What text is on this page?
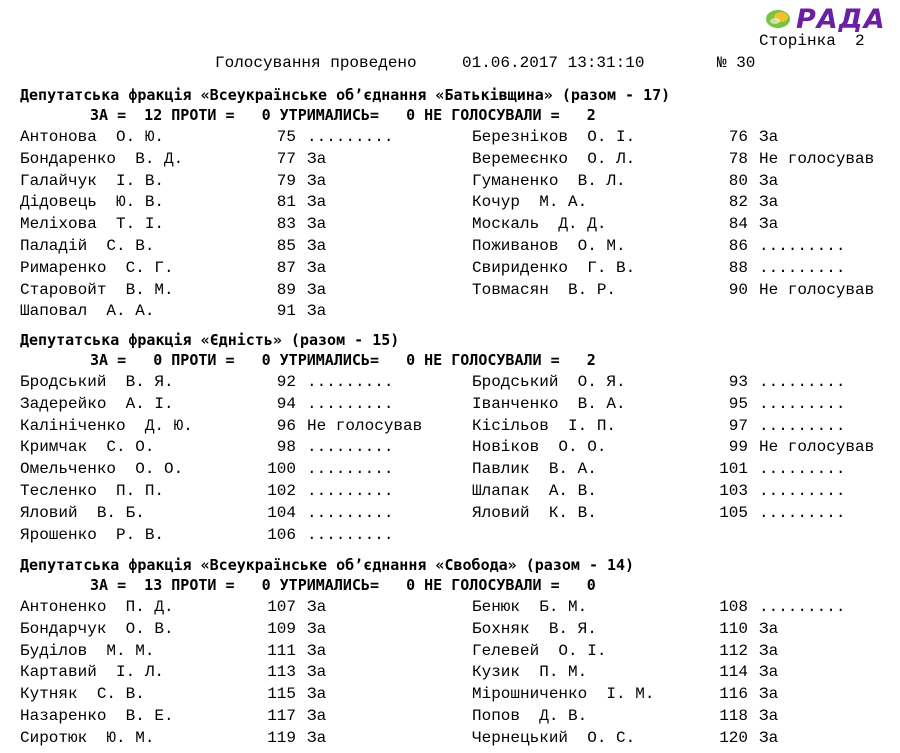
РАДА
Сторінка  2
Голосування проведено	01.06.2017 13:31:10	№ 30
Депутатська фракція «Всеукраїнське об’єднання «Батьківщина» (разом - 17)
ЗА =  12 ПРОТИ =   0 УТРИМАЛИСЬ=   0 НЕ ГОЛОСУВАЛИ =   2
Антонова  О. Ю.	75 .........	Березніков  О. І.	76 За
Бондаренко  В. Д.	77 За	Веремеєнко  О. Л.	78 Не голосував
Галайчук  І. В.	79 За	Гуманенко  В. Л.	80 За
Дідовець  Ю. В.	81 За	Кочур  М. А.	82 За
Меліхова  Т. І.	83 За	Москаль  Д. Д.	84 За
Паладій  С. В.	85 За	Поживанов  О. М.	86 .........
Римаренко  С. Г.	87 За	Свириденко  Г. В.	88 .........
Старовойт  В. М.	89 За	Товмасян  В. Р.	90 Не голосував
Шаповал  А. А.	91 За
Депутатська фракція «Єдність» (разом - 15)
ЗА =   0 ПРОТИ =   0 УТРИМАЛИСЬ=   0 НЕ ГОЛОСУВАЛИ =   2
Бродський  В. Я.	92 .........	Бродський  О. Я.	93 .........
Задерейко  А. І.	94 .........	Іванченко  В. А.	95 .........
Калініченко  Д. Ю.	96 Не голосував	Кісільов  І. П.	97 .........
Кримчак  С. О.	98 .........	Новіков  О. О.	99 Не голосував
Омельченко  О. О.	100 .........	Павлик  В. А.	101 .........
Тесленко  П. П.	102 .........	Шлапак  А. В.	103 .........
Яловий  В. Б.	104 .........	Яловий  К. В.	105 .........
Ярошенко  Р. В.	106 .........
Депутатська фракція «Всеукраїнське об’єднання «Свобода» (разом - 14)
ЗА =  13 ПРОТИ =   0 УТРИМАЛИСЬ=   0 НЕ ГОЛОСУВАЛИ =   0
Антоненко  П. Д.	107 За	Бенюк  Б. М.	108 .........
Бондарчук  О. В.	109 За	Бохняк  В. Я.	110 За
Буділов  М. М.	111 За	Гелевей  О. І.	112 За
Картавий  І. Л.	113 За	Кузик  П. М.	114 За
Кутняк  С. В.	115 За	Мірошниченко  І. М.	116 За
Назаренко  В. Е.	117 За	Попов  Д. В.	118 За
Сиротюк  Ю. М.	119 За	Чернецький  О. С.	120 За
